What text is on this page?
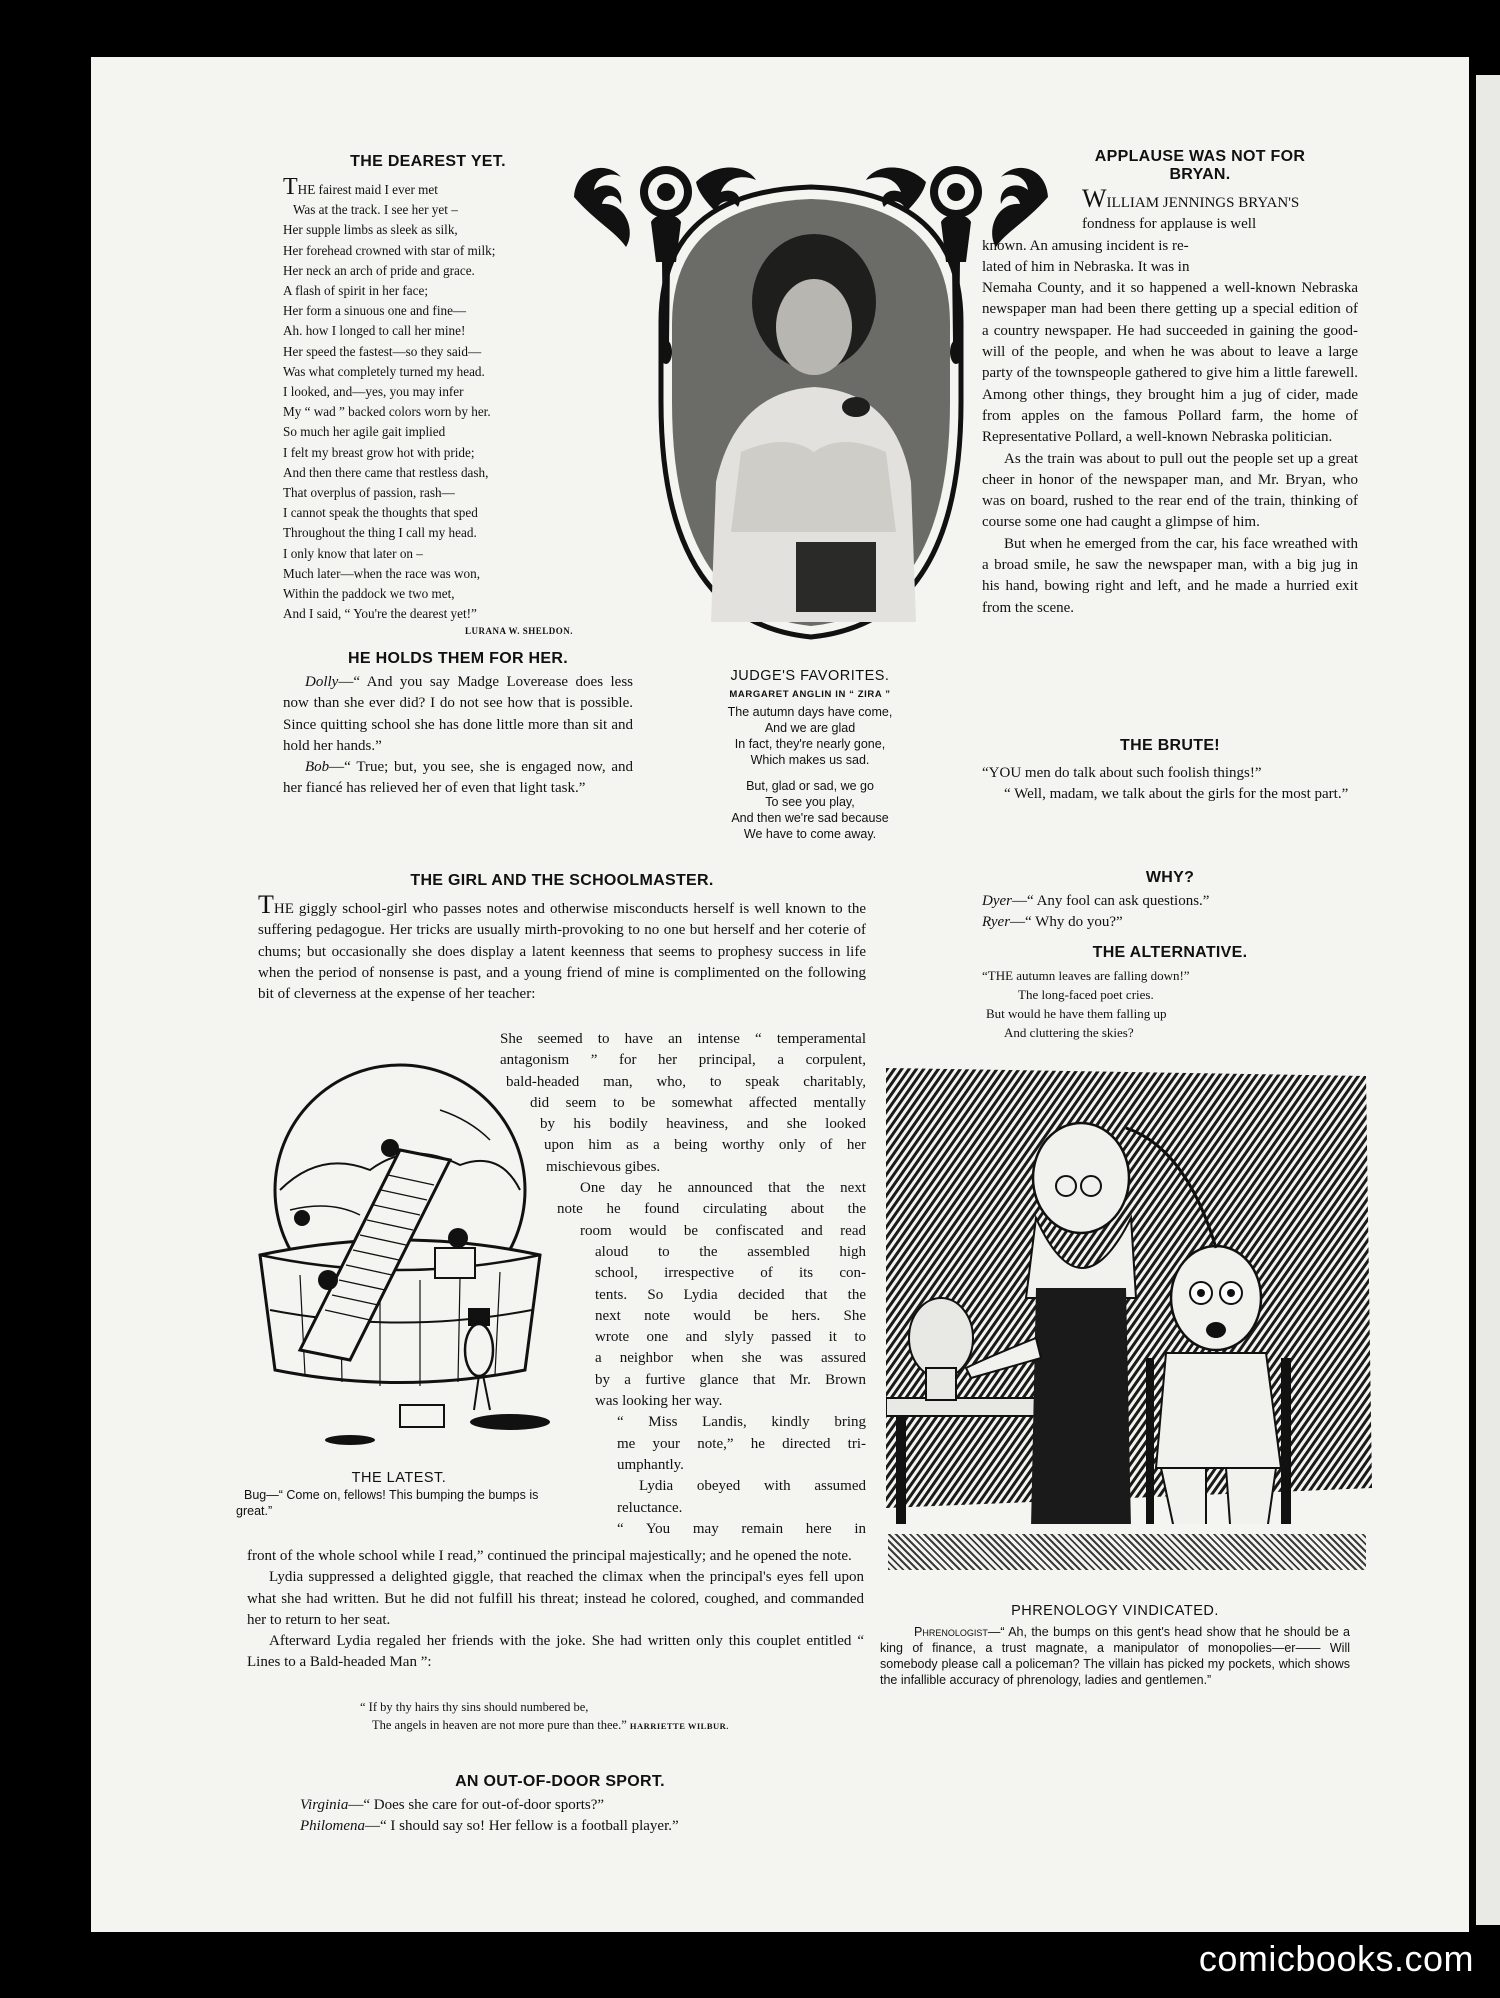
THE DEAREST YET.
THE fairest maid I ever met
Was at the track. I see her yet –
Her supple limbs as sleek as silk,
Her forehead crowned with star of milk;
Her neck an arch of pride and grace.
A flash of spirit in her face;
Her form a sinuous one and fine—
Ah. how I longed to call her mine!
Her speed the fastest—so they said—
Was what completely turned my head.
I looked, and—yes, you may infer
My “ wad ” backed colors worn by her.
So much her agile gait implied
I felt my breast grow hot with pride;
And then there came that restless dash,
That overplus of passion, rash—
I cannot speak the thoughts that sped
Throughout the thing I call my head.
I only know that later on –
Much later—when the race was won,
Within the paddock we two met,
And I said, “ You're the dearest yet!”
LURANA W. SHELDON.
HE HOLDS THEM FOR HER.

Dolly—“ And you say Madge Loverease does less now than she ever did? I do not see how that is possible. Since quitting school she has done little more than sit and hold her hands.”

Bob—“ True; but, you see, she is engaged now, and her fiancé has relieved her of even that light task.”

JUDGE'S FAVORITES.
MARGARET ANGLIN IN “ ZIRA ”
The autumn days have come,
And we are glad
In fact, they're nearly gone,
Which makes us sad.
But, glad or sad, we go
To see you play,
And then we're sad because
We have to come away.
APPLAUSE WAS NOT FOR
BRYAN.

WILLIAM JENNINGS BRYAN'S

fondness for applause is well

known. An amusing incident is re-

lated of him in Nebraska. It was in

Nemaha County, and it so happened a well-known Nebraska newspaper man had been there getting up a special edition of a country newspaper. He had succeeded in gaining the good-will of the people, and when he was about to leave a large party of the townspeople gathered to give him a little farewell. Among other things, they brought him a jug of cider, made from apples on the famous Pollard farm, the home of Representative Pollard, a well-known Nebraska politician.

As the train was about to pull out the people set up a great cheer in honor of the newspaper man, and Mr. Bryan, who was on board, rushed to the rear end of the train, thinking of course some one had caught a glimpse of him.

But when he emerged from the car, his face wreathed with a broad smile, he saw the newspaper man, with a big jug in his hand, bowing right and left, and he made a hurried exit from the scene.

THE BRUTE!

“YOU men do talk about such foolish things!”

“ Well, madam, we talk about the girls for the most part.”

WHY?

Dyer—“ Any fool can ask questions.”

Ryer—“ Why do you?”

THE ALTERNATIVE.
“THE autumn leaves are falling down!”
The long-faced poet cries.
But would he have them falling up
And cluttering the skies?
PHRENOLOGY VINDICATED.
Phrenologist—“ Ah, the bumps on this gent's head show that he should be a king of finance, a trust magnate, a manipulator of monopolies—er—— Will somebody please call a policeman? The villain has picked my pockets, which shows the infallible accuracy of phrenology, ladies and gentlemen.”
THE GIRL AND THE SCHOOLMASTER.

THE giggly school-girl who passes notes and otherwise misconducts herself is well known to the suffering pedagogue. Her tricks are usually mirth-provoking to no one but herself and her coterie of chums; but occasionally she does display a latent keenness that seems to prophesy success in life when the period of nonsense is past, and a young friend of mine is complimented on the following bit of cleverness at the expense of her teacher:

She seemed to have an intense “ temperamental
antagonism ” for her principal, a corpulent,
bald-headed man, who, to speak charitably,
did seem to be somewhat affected mentally
by his bodily heaviness, and she looked
upon him as a being worthy only of her
mischievous gibes.
One day he announced that the next
note he found circulating about the
room would be confiscated and read
aloud to the assembled high
school, irrespective of its con-
tents. So Lydia decided that the
next note would be hers. She
wrote one and slyly passed it to
a neighbor when she was assured
by a furtive glance that Mr. Brown
was looking her way.
“ Miss Landis, kindly bring
me your note,” he directed tri-
umphantly.
Lydia obeyed with assumed
reluctance.
“ You may remain here in
THE LATEST.
Bug—“ Come on, fellows! This bumping the bumps is great.”

front of the whole school while I read,” continued the principal majestically; and he opened the note.

Lydia suppressed a delighted giggle, that reached the climax when the principal's eyes fell upon what she had written. But he did not fulfill his threat; instead he colored, coughed, and commanded her to return to her seat.

Afterward Lydia regaled her friends with the joke. She had written only this couplet entitled “ Lines to a Bald-headed Man ”:

“ If by thy hairs thy sins should numbered be,
The angels in heaven are not more pure than thee.” HARRIETTE WILBUR.
AN OUT-OF-DOOR SPORT.

Virginia—“ Does she care for out-of-door sports?”

Philomena—“ I should say so! Her fellow is a football player.”

comicbooks.com
